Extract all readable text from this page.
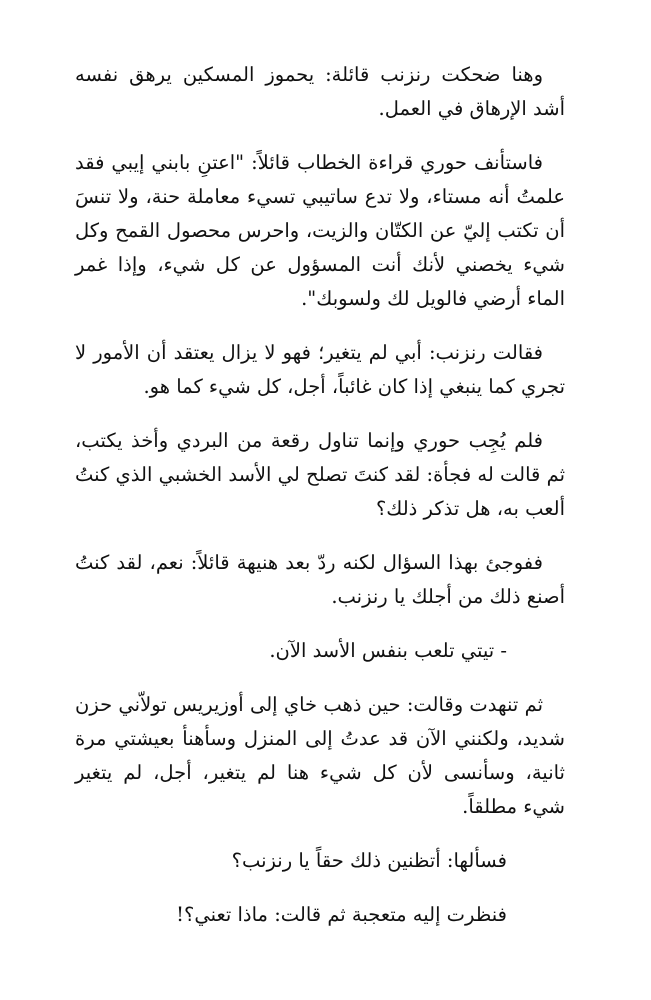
وهنا ضحكت رنزنب قائلة: يحموز المسكين يرهق نفسه أشد الإرهاق في العمل.

فاستأنف حوري قراءة الخطاب قائلاً: "اعتنِ بابني إيبي فقد علمتُ أنه مستاء، ولا تدع ساتيبي تسيء معاملة حنة، ولا تنسَ أن تكتب إليّ عن الكتّان والزيت، واحرس محصول القمح وكل شيء يخصني لأنك أنت المسؤول عن كل شيء، وإذا غمر الماء أرضي فالويل لك ولسوبك".

فقالت رنزنب: أبي لم يتغير؛ فهو لا يزال يعتقد أن الأمور لا تجري كما ينبغي إذا كان غائباً، أجل، كل شيء كما هو.

فلم يُجِب حوري وإنما تناول رقعة من البردي وأخذ يكتب، ثم قالت له فجأة: لقد كنتَ تصلح لي الأسد الخشبي الذي كنتُ ألعب به، هل تذكر ذلك؟

ففوجئ بهذا السؤال لكنه ردّ بعد هنيهة قائلاً: نعم، لقد كنتُ أصنع ذلك من أجلك يا رنزنب.

- تيتي تلعب بنفس الأسد الآن.

ثم تنهدت وقالت: حين ذهب خاي إلى أوزيريس تولاّني حزن شديد، ولكنني الآن قد عدتُ إلى المنزل وسأهنأ بعيشتي مرة ثانية، وسأنسى لأن كل شيء هنا لم يتغير، أجل، لم يتغير شيء مطلقاً.

فسألها: أتظنين ذلك حقاً يا رنزنب؟

فنظرت إليه متعجبة ثم قالت: ماذا تعني؟!
